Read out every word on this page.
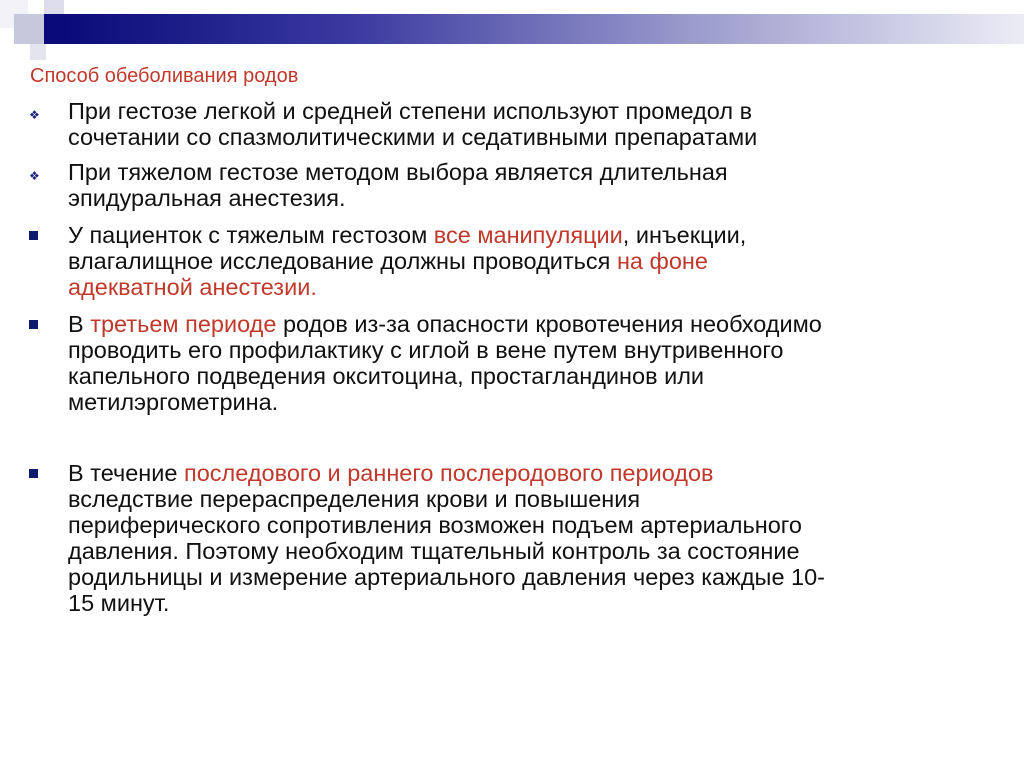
Способ обеболивания родов
❖ При гестозе легкой и средней степени используют промедол в
сочетании со спазмолитическими и седативными препаратами

❖ При тяжелом гестозе методом выбора является длительная
эпидуральная анестезия.

У пациенток с тяжелым гестозом все манипуляции, инъекции,
влагалищное исследование должны проводиться на фоне
адекватной анестезии.

В третьем периоде родов из-за опасности кровотечения необходимо
проводить его профилактику с иглой в вене путем внутривенного
капельного подведения окситоцина, простагландинов или
метилэргометрина.

В течение последового и раннего послеродового периодов
вследствие перераспределения крови и повышения
периферического сопротивления возможен подъем артериального
давления. Поэтому необходим тщательный контроль за состояние
родильницы и измерение артериального давления через каждые 10-
15 минут.
